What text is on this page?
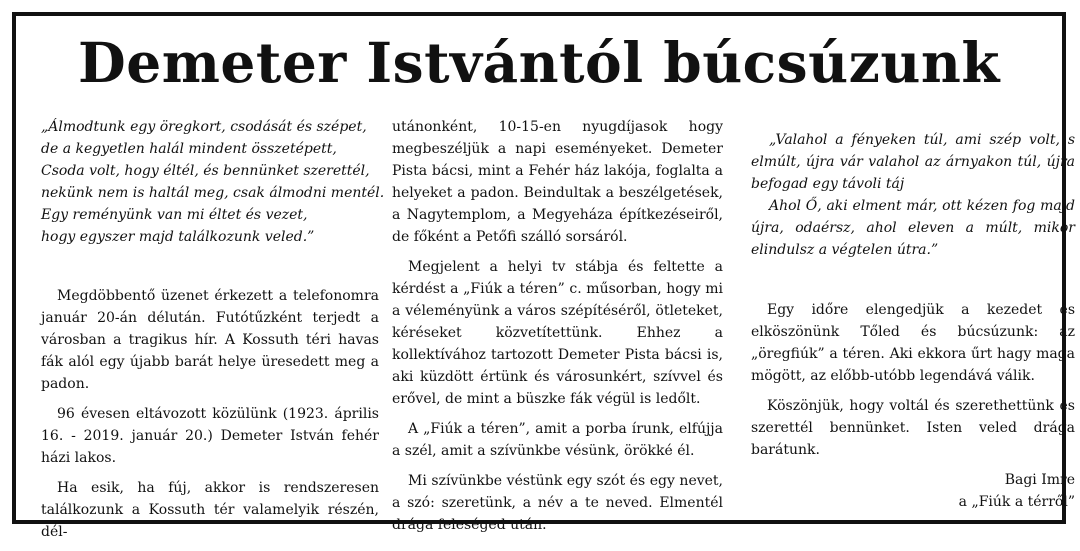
Demeter Istvántól búcsúzunk
„Álmodtunk egy öregkort, csodását és szépet,
de a kegyetlen halál mindent összetépett,
Csoda volt, hogy éltél, és bennünket szerettél,
nekünk nem is haltál meg, csak álmodni mentél.
Egy reményünk van mi éltet és vezet,
hogy egyszer majd találkozunk veled.”

Megdöbbentő üzenet érkezett a telefonomra január 20-án délután. Futótűzként terjedt a városban a tragikus hír. A Kossuth téri havas fák alól egy újabb barát helye üresedett meg a padon.

96 évesen eltávozott közülünk (1923. április 16. - 2019. január 20.) Demeter István fehér házi lakos.

Ha esik, ha fúj, akkor is rendszeresen találkozunk a Kossuth tér valamelyik részén, dél-

utánonként, 10-15-en nyugdíjasok hogy megbeszéljük a napi eseményeket. Demeter Pista bácsi, mint a Fehér ház lakója, foglalta a helyeket a padon. Beindultak a beszélgetések, a Nagytemplom, a Megyeháza építkezéseiről, de főként a Petőfi szálló sorsáról.

Megjelent a helyi tv stábja és feltette a kérdést a „Fiúk a téren” c. műsorban, hogy mi a véleményünk a város szépítéséről, ötleteket, kéréseket közvetítettünk. Ehhez a kollektívához tartozott Demeter Pista bácsi is, aki küzdött értünk és városunkért, szívvel és erővel, de mint a büszke fák végül is ledőlt.

A „Fiúk a téren”, amit a porba írunk, elfújja a szél, amit a szívünkbe vésünk, örökké él.

Mi szívünkbe véstünk egy szót és egy nevet, a szó: szeretünk, a név a te neved. Elmentél drága feleséged után.

„Valahol a fényeken túl, ami szép volt, s elmúlt, újra vár valahol az árnyakon túl, újra befogad egy távoli táj

Ahol Ő, aki elment már, ott kézen fog majd újra, odaérsz, ahol eleven a múlt, mikor elindulsz a végtelen útra.”

Egy időre elengedjük a kezedet és elköszönünk Tőled és búcsúzunk: az „öregfiúk” a téren. Aki ekkora űrt hagy maga mögött, az előbb-utóbb legendává válik.

Köszönjük, hogy voltál és szerethettünk és szerettél bennünket. Isten veled drága barátunk.

Bagi Imre

a „Fiúk a térről”
